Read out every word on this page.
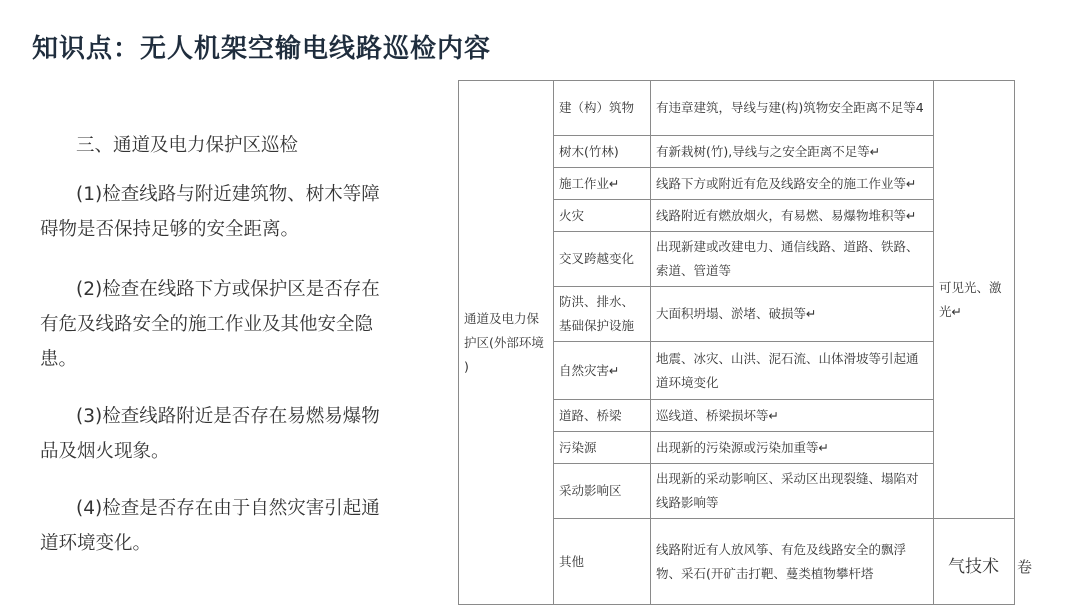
知识点：无人机架空输电线路巡检内容
三、通道及电力保护区巡检

(1)检查线路与附近建筑物、树木等障碍物是否保持足够的安全距离。

(2)检查在线路下方或保护区是否存在有危及线路安全的施工作业及其他安全隐患。

(3)检查线路附近是否存在易燃易爆物品及烟火现象。

(4)检查是否存在由于自然灾害引起通道环境变化。

通道及电力保护区(外部环境 )	建（构）筑物	有违章建筑，导线与建(构)筑物安全距离不足等4	可见光、激光↵	
	树木(竹林)	有新栽树(竹),导线与之安全距离不足等↵		
	施工作业↵	线路下方或附近有危及线路安全的施工作业等↵		
	火灾	线路附近有燃放烟火，有易燃、易爆物堆积等↵		
	交叉跨越变化	出现新建或改建电力、通信线路、道路、铁路、索道、管道等		
	防洪、排水、基础保护设施	大面积坍塌、淤堵、破损等↵		
	自然灾害↵	地震、冰灾、山洪、泥石流、山体滑坡等引起通道环境变化		
	道路、桥梁	巡线道、桥梁损坏等↵		
	污染源	出现新的污染源或污染加重等↵		
	采动影响区	出现新的采动影响区、采动区出现裂缝、塌陷对线路影响等		
	其他	线路附近有人放风筝、有危及线路安全的飘浮物、采石(开矿击打靶、蔓类植物攀杆塔			气技术 卷
